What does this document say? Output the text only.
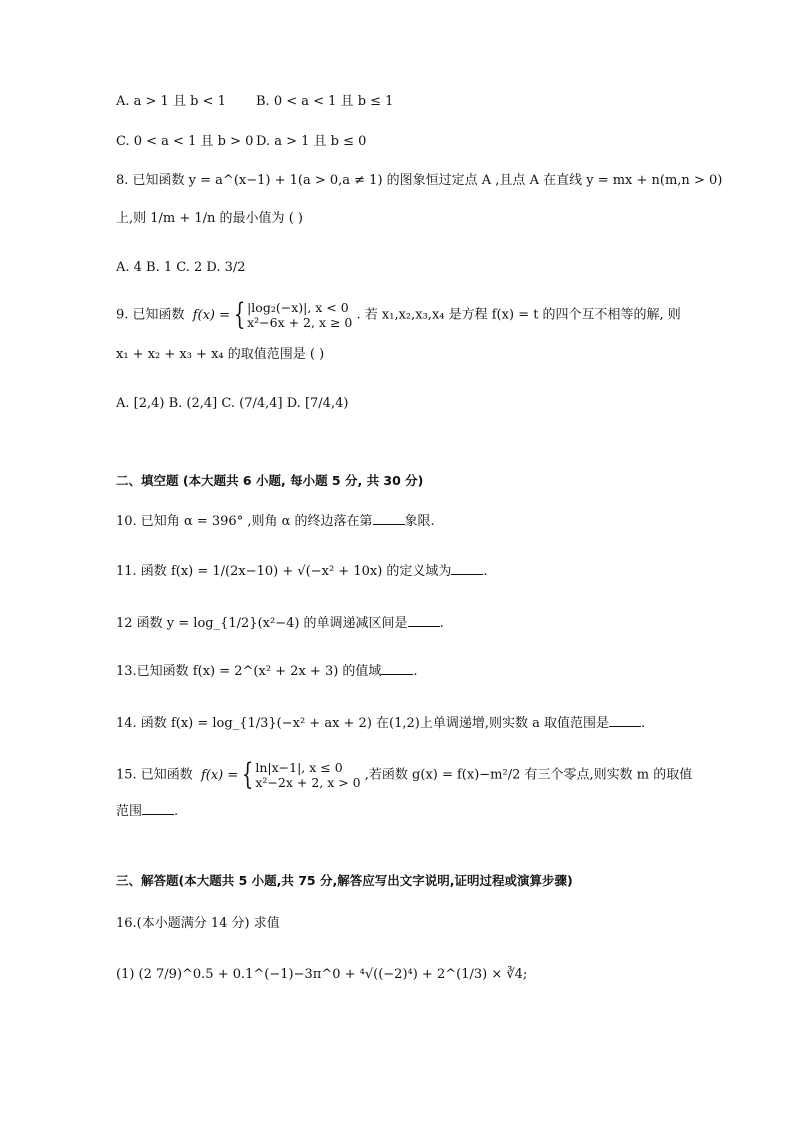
A. a > 1 且 b < 1 B. 0 < a < 1 且 b ≤ 1
C. 0 < a < 1 且 b > 0 D. a > 1 且 b ≤ 0
8. 已知函数 y = a^(x−1) + 1(a > 0,a ≠ 1) 的图象恒过定点 A ,且点 A 在直线 y = mx + n(m,n > 0)
上,则 1/m + 1/n 的最小值为 ( )
A. 4 B. 1 C. 2 D. 3/2
9. 已知函数 f(x) = { |log₂(−x)|, x < 0
x²−6x + 2, x ≥ 0 . 若 x₁,x₂,x₃,x₄ 是方程 f(x) = t 的四个互不相等的解, 则
x₁ + x₂ + x₃ + x₄ 的取值范围是 ( )
A. [2,4) B. (2,4] C. (7/4,4] D. [7/4,4)
二、填空题 (本大题共 6 小题, 每小题 5 分, 共 30 分)
10. 已知角 α = 396° ,则角 α 的终边落在第 象限.
11. 函数 f(x) = 1/(2x−10) + √(−x² + 10x) 的定义域为 .
12 函数 y = log_{1/2}(x²−4) 的单调递减区间是 .
13.已知函数 f(x) = 2^(x² + 2x + 3) 的值域 .
14. 函数 f(x) = log_{1/3}(−x² + ax + 2) 在(1,2)上单调递增,则实数 a 取值范围是 .
15. 已知函数 f(x) = { ln|x−1|, x ≤ 0
x²−2x + 2, x > 0 ,若函数 g(x) = f(x)−m²/2 有三个零点,则实数 m 的取值
范围 .
三、解答题(本大题共 5 小题,共 75 分,解答应写出文字说明,证明过程或演算步骤)
16.(本小题满分 14 分) 求值
(1) (2 7/9)^0.5 + 0.1^(−1)−3π^0 + ⁴√((−2)⁴) + 2^(1/3) × ∛4;
